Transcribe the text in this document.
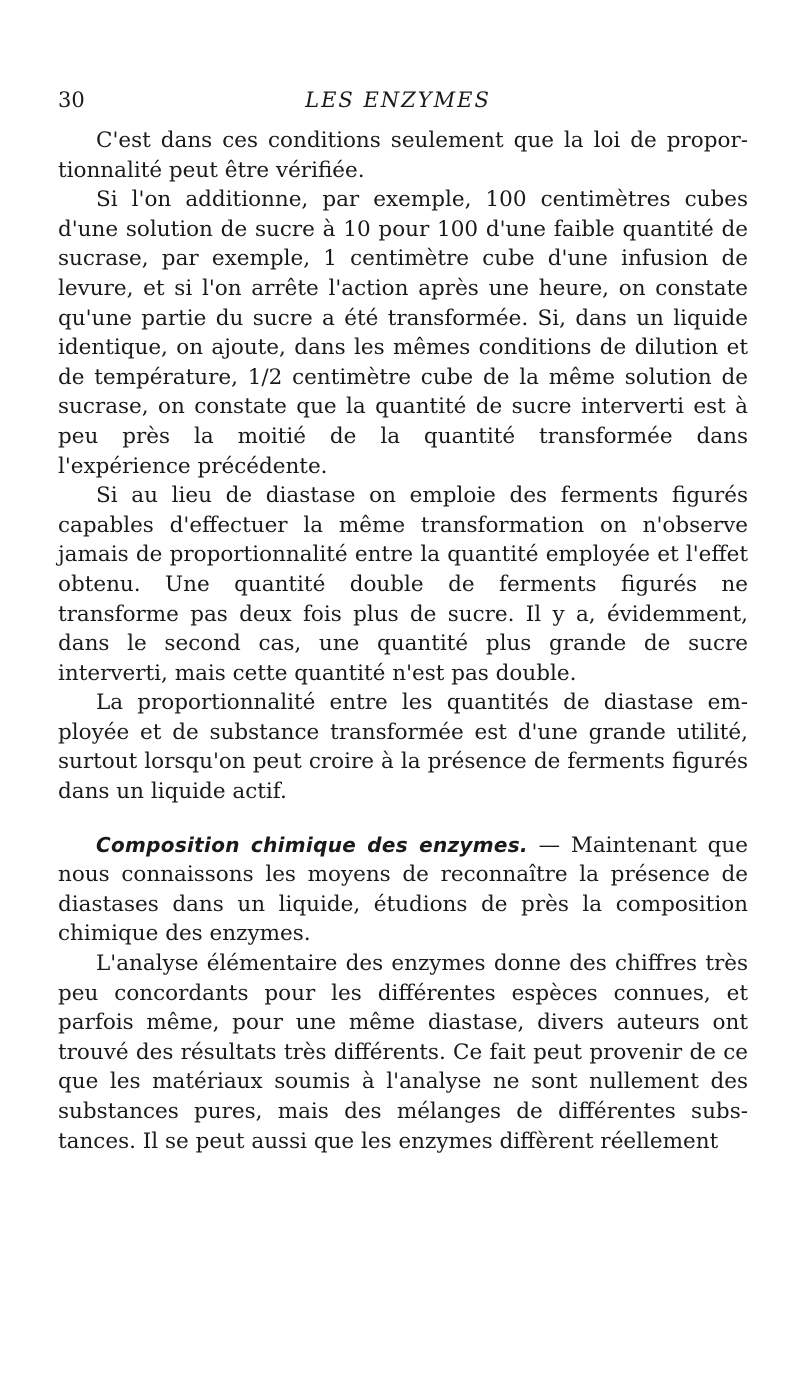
30	LES ENZYMES

C'est dans ces conditions seulement que la loi de proportionnalité peut être vérifiée.

Si l'on additionne, par exemple, 100 centimètres cubes d'une solution de sucre à 10 pour 100 d'une faible quantité de sucrase, par exemple, 1 centimètre cube d'une infusion de levure, et si l'on arrête l'action après une heure, on constate qu'une partie du sucre a été transformée. Si, dans un liquide identique, on ajoute, dans les mêmes conditions de dilution et de température, 1/2 centimètre cube de la même solution de sucrase, on constate que la quantité de sucre interverti est à peu près la moitié de la quantité transformée dans l'expérience précédente.

Si au lieu de diastase on emploie des ferments figurés capables d'effectuer la même transformation on n'observe jamais de proportionnalité entre la quantité employée et l'effet obtenu. Une quantité double de ferments figurés ne transforme pas deux fois plus de sucre. Il y a, évidemment, dans le second cas, une quantité plus grande de sucre interverti, mais cette quantité n'est pas double.

La proportionnalité entre les quantités de diastase employée et de substance transformée est d'une grande utilité, surtout lorsqu'on peut croire à la présence de ferments figurés dans un liquide actif.

Composition chimique des enzymes. — Maintenant que nous connaissons les moyens de reconnaître la présence de diastases dans un liquide, étudions de près la composition chimique des enzymes.

L'analyse élémentaire des enzymes donne des chiffres très peu concordants pour les différentes espèces connues, et parfois même, pour une même diastase, divers auteurs ont trouvé des résultats très différents. Ce fait peut provenir de ce que les matériaux soumis à l'analyse ne sont nullement des substances pures, mais des mélanges de différentes substances. Il se peut aussi que les enzymes diffèrent réellement
